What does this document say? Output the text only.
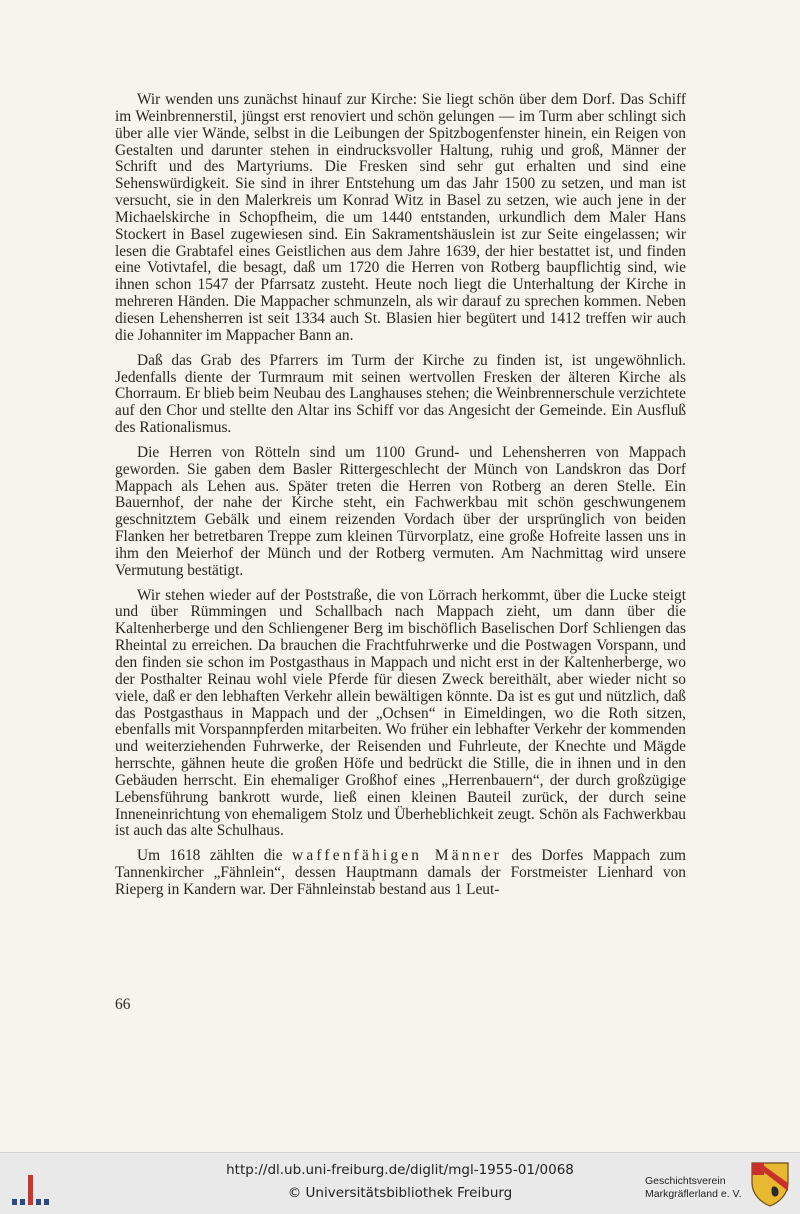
Wir wenden uns zunächst hinauf zur Kirche: Sie liegt schön über dem Dorf. Das Schiff im Weinbrennerstil, jüngst erst renoviert und schön gelungen — im Turm aber schlingt sich über alle vier Wände, selbst in die Leibungen der Spitzbogenfenster hinein, ein Reigen von Gestalten und darunter stehen in eindrucksvoller Haltung, ruhig und groß, Männer der Schrift und des Martyriums. Die Fresken sind sehr gut erhalten und sind eine Sehenswürdigkeit. Sie sind in ihrer Entstehung um das Jahr 1500 zu setzen, und man ist versucht, sie in den Malerkreis um Konrad Witz in Basel zu setzen, wie auch jene in der Michaelskirche in Schopfheim, die um 1440 entstanden, urkundlich dem Maler Hans Stockert in Basel zugewiesen sind. Ein Sakramentshäuslein ist zur Seite eingelassen; wir lesen die Grabtafel eines Geistlichen aus dem Jahre 1639, der hier bestattet ist, und finden eine Votivtafel, die besagt, daß um 1720 die Herren von Rotberg baupflichtig sind, wie ihnen schon 1547 der Pfarrsatz zusteht. Heute noch liegt die Unterhaltung der Kirche in mehreren Händen. Die Mappacher schmunzeln, als wir darauf zu sprechen kommen. Neben diesen Lehensherren ist seit 1334 auch St. Blasien hier begütert und 1412 treffen wir auch die Johanniter im Mappacher Bann an.

Daß das Grab des Pfarrers im Turm der Kirche zu finden ist, ist ungewöhnlich. Jedenfalls diente der Turmraum mit seinen wertvollen Fresken der älteren Kirche als Chorraum. Er blieb beim Neubau des Langhauses stehen; die Weinbrennerschule verzichtete auf den Chor und stellte den Altar ins Schiff vor das Angesicht der Gemeinde. Ein Ausfluß des Rationalismus.

Die Herren von Rötteln sind um 1100 Grund- und Lehensherren von Mappach geworden. Sie gaben dem Basler Rittergeschlecht der Münch von Landskron das Dorf Mappach als Lehen aus. Später treten die Herren von Rotberg an deren Stelle. Ein Bauernhof, der nahe der Kirche steht, ein Fachwerkbau mit schön geschwungenem geschnitztem Gebälk und einem reizenden Vordach über der ursprünglich von beiden Flanken her betretbaren Treppe zum kleinen Türvorplatz, eine große Hofreite lassen uns in ihm den Meierhof der Münch und der Rotberg vermuten. Am Nachmittag wird unsere Vermutung bestätigt.

Wir stehen wieder auf der Poststraße, die von Lörrach herkommt, über die Lucke steigt und über Rümmingen und Schallbach nach Mappach zieht, um dann über die Kaltenherberge und den Schliengener Berg im bischöflich Baselischen Dorf Schliengen das Rheintal zu erreichen. Da brauchen die Frachtfuhrwerke und die Postwagen Vorspann, und den finden sie schon im Postgasthaus in Mappach und nicht erst in der Kaltenherberge, wo der Posthalter Reinau wohl viele Pferde für diesen Zweck bereithält, aber wieder nicht so viele, daß er den lebhaften Verkehr allein bewältigen könnte. Da ist es gut und nützlich, daß das Postgasthaus in Mappach und der „Ochsen“ in Eimeldingen, wo die Roth sitzen, ebenfalls mit Vorspannpferden mitarbeiten. Wo früher ein lebhafter Verkehr der kommenden und weiterziehenden Fuhrwerke, der Reisenden und Fuhrleute, der Knechte und Mägde herrschte, gähnen heute die großen Höfe und bedrückt die Stille, die in ihnen und in den Gebäuden herrscht. Ein ehemaliger Großhof eines „Herrenbauern“, der durch großzügige Lebensführung bankrott wurde, ließ einen kleinen Bauteil zurück, der durch seine Inneneinrichtung von ehemaligem Stolz und Überheblichkeit zeugt. Schön als Fachwerkbau ist auch das alte Schulhaus.

Um 1618 zählten die waffenfähigen Männer des Dorfes Mappach zum Tannenkircher „Fähnlein“, dessen Hauptmann damals der Forstmeister Lienhard von Rieperg in Kandern war. Der Fähnleinstab bestand aus 1 Leut-

66
http://dl.ub.uni-freiburg.de/diglit/mgl-1955-01/0068
© Universitätsbibliothek Freiburg
Geschichtsverein
Markgräflerland e. V.
